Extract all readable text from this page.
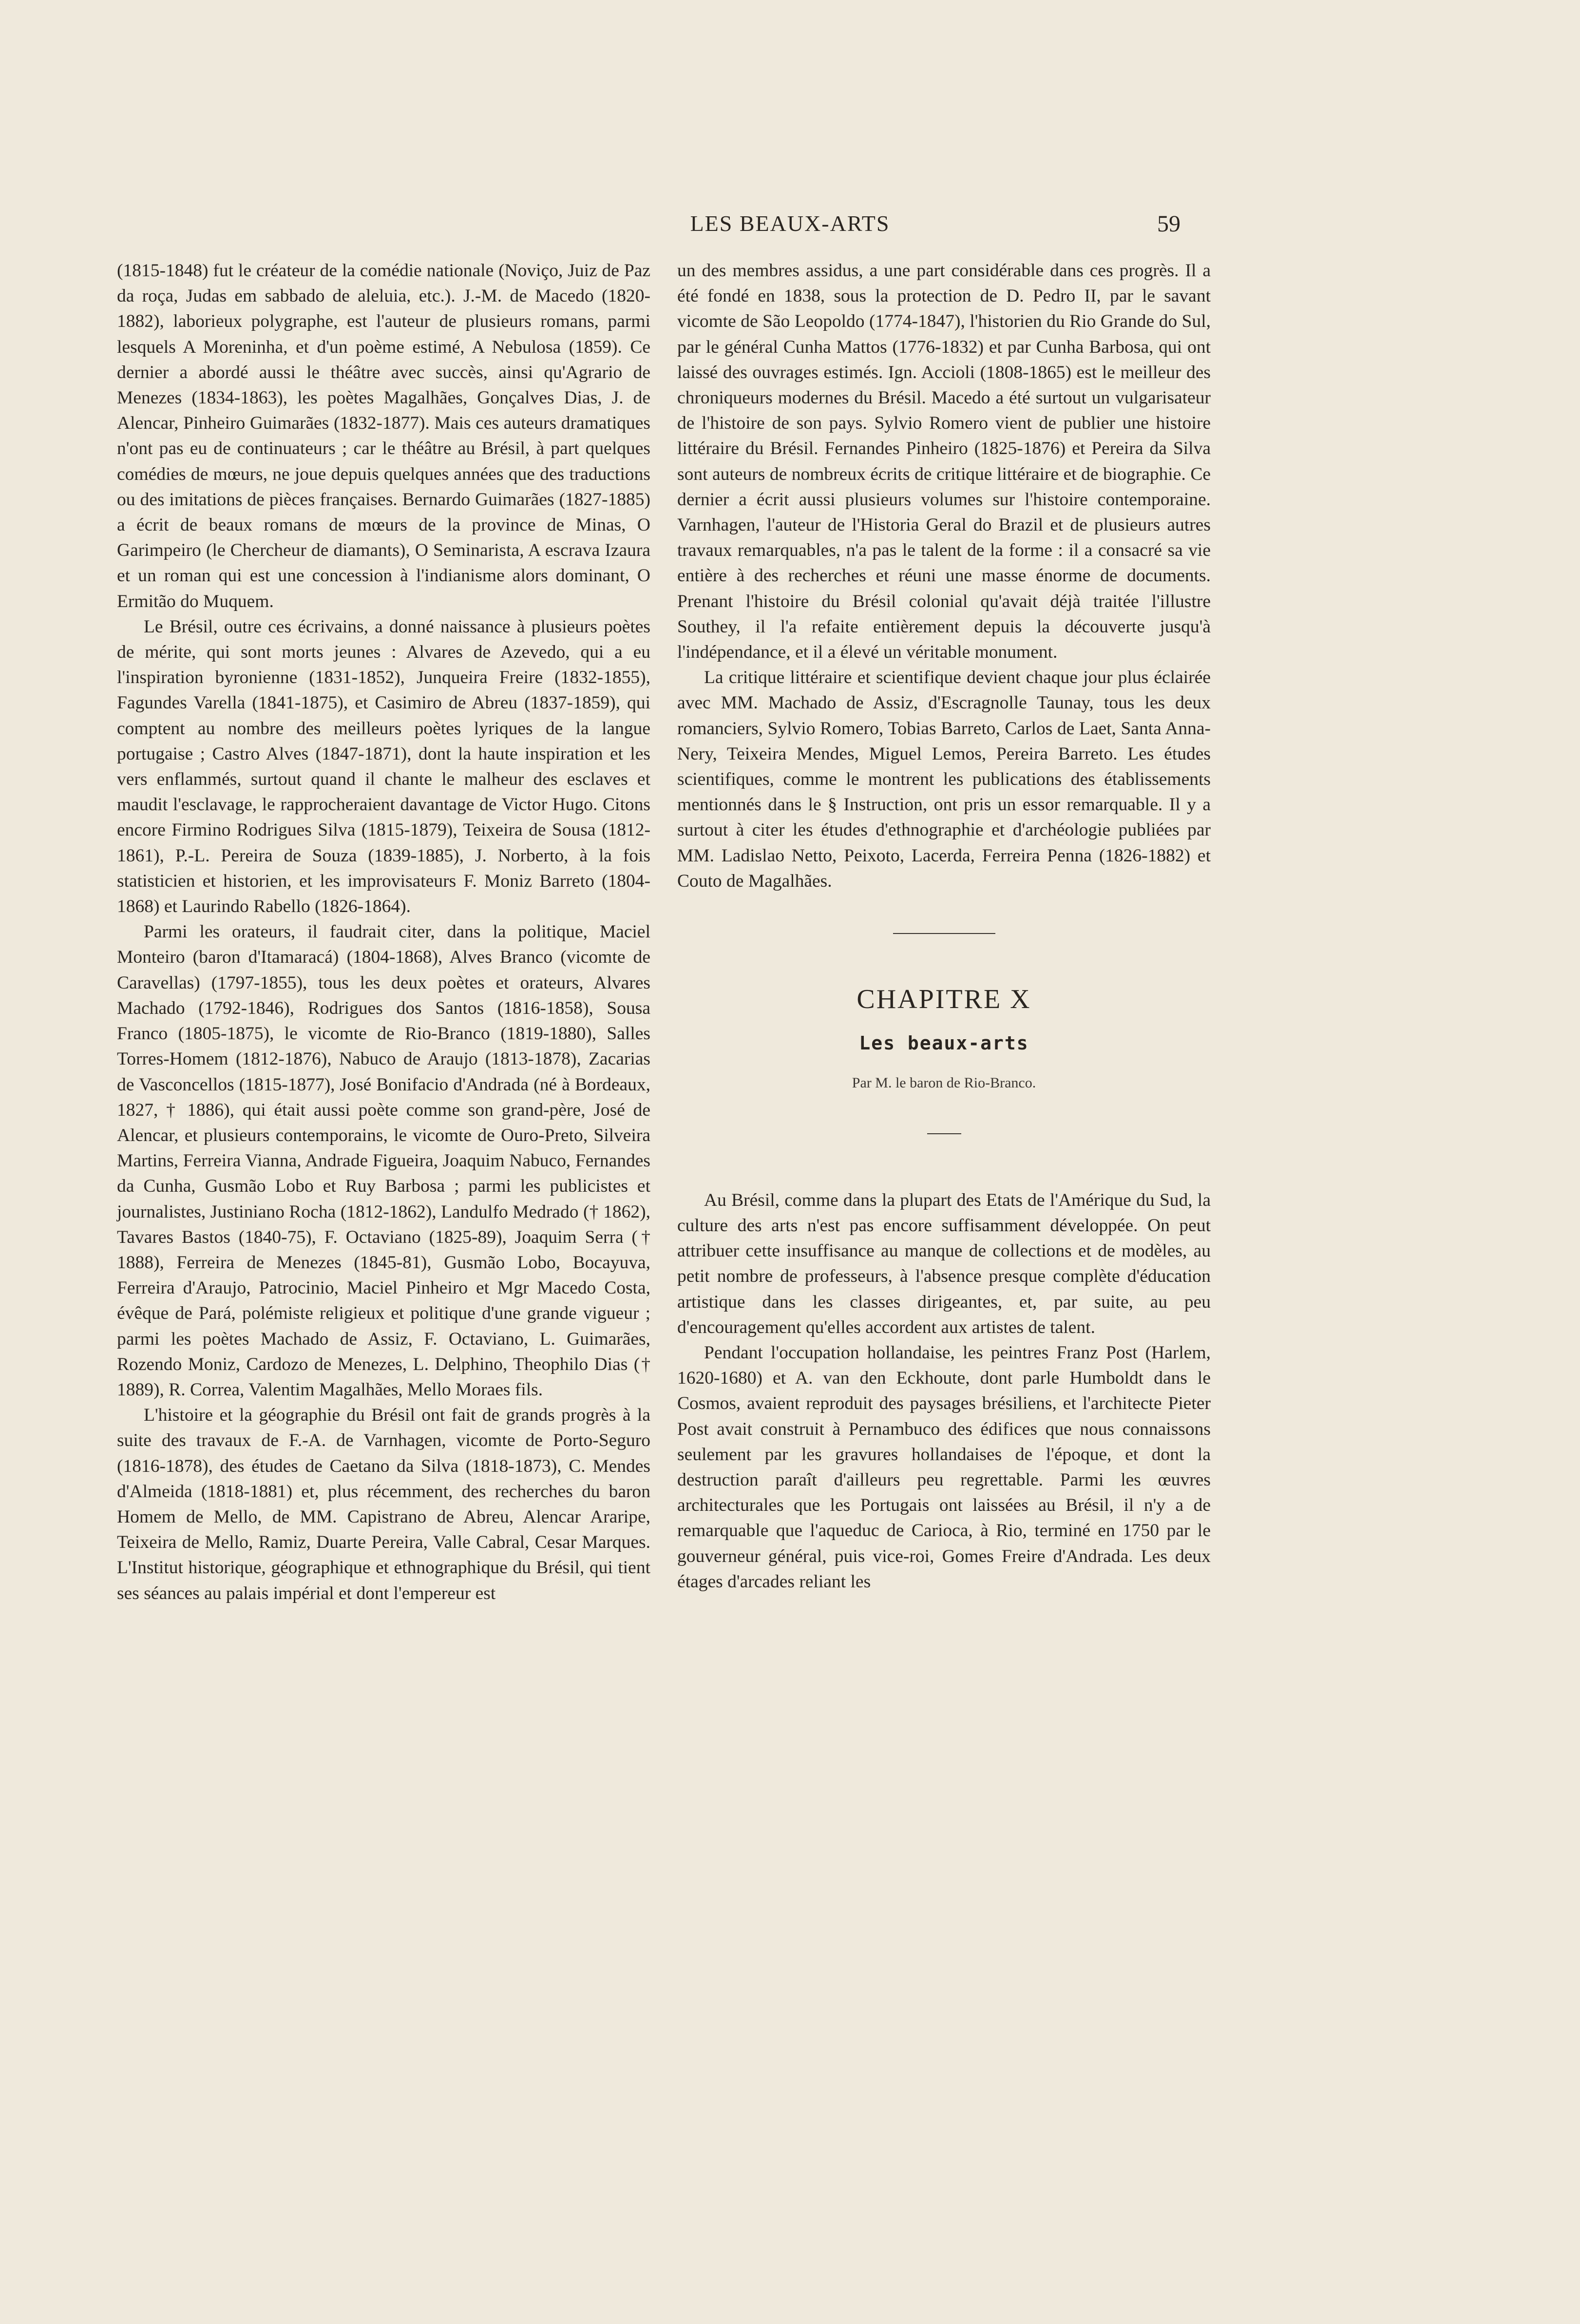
LES BEAUX-ARTS	59

(1815-1848) fut le créateur de la comédie nationale (Noviço, Juiz de Paz da roça, Judas em sabbado de aleluia, etc.). J.-M. de Macedo (1820-1882), laborieux polygraphe, est l'auteur de plusieurs romans, parmi lesquels A Moreninha, et d'un poème estimé, A Nebulosa (1859). Ce dernier a abordé aussi le théâtre avec succès, ainsi qu'Agrario de Menezes (1834-1863), les poètes Magalhães, Gonçalves Dias, J. de Alencar, Pinheiro Guimarães (1832-1877). Mais ces auteurs dramatiques n'ont pas eu de continuateurs ; car le théâtre au Brésil, à part quelques comédies de mœurs, ne joue depuis quelques années que des traductions ou des imitations de pièces françaises. Bernardo Guimarães (1827-1885) a écrit de beaux romans de mœurs de la province de Minas, O Garimpeiro (le Chercheur de diamants), O Seminarista, A escrava Izaura et un roman qui est une concession à l'indianisme alors dominant, O Ermitão do Muquem.

Le Brésil, outre ces écrivains, a donné naissance à plusieurs poètes de mérite, qui sont morts jeunes : Alvares de Azevedo, qui a eu l'inspiration byronienne (1831-1852), Junqueira Freire (1832-1855), Fagundes Varella (1841-1875), et Casimiro de Abreu (1837-1859), qui comptent au nombre des meilleurs poètes lyriques de la langue portugaise ; Castro Alves (1847-1871), dont la haute inspiration et les vers enflammés, surtout quand il chante le malheur des esclaves et maudit l'esclavage, le rapprocheraient davantage de Victor Hugo. Citons encore Firmino Rodrigues Silva (1815-1879), Teixeira de Sousa (1812-1861), P.-L. Pereira de Souza (1839-1885), J. Norberto, à la fois statisticien et historien, et les improvisateurs F. Moniz Barreto (1804-1868) et Laurindo Rabello (1826-1864).

Parmi les orateurs, il faudrait citer, dans la politique, Maciel Monteiro (baron d'Itamaracá) (1804-1868), Alves Branco (vicomte de Caravellas) (1797-1855), tous les deux poètes et orateurs, Alvares Machado (1792-1846), Rodrigues dos Santos (1816-1858), Sousa Franco (1805-1875), le vicomte de Rio-Branco (1819-1880), Salles Torres-Homem (1812-1876), Nabuco de Araujo (1813-1878), Zacarias de Vasconcellos (1815-1877), José Bonifacio d'Andrada (né à Bordeaux, 1827, † 1886), qui était aussi poète comme son grand-père, José de Alencar, et plusieurs contemporains, le vicomte de Ouro-Preto, Silveira Martins, Ferreira Vianna, Andrade Figueira, Joaquim Nabuco, Fernandes da Cunha, Gusmão Lobo et Ruy Barbosa ; parmi les publicistes et journalistes, Justiniano Rocha (1812-1862), Landulfo Medrado († 1862), Tavares Bastos (1840-75), F. Octaviano (1825-89), Joaquim Serra († 1888), Ferreira de Menezes (1845-81), Gusmão Lobo, Bocayuva, Ferreira d'Araujo, Patrocinio, Maciel Pinheiro et Mgr Macedo Costa, évêque de Pará, polémiste religieux et politique d'une grande vigueur ; parmi les poètes Machado de Assiz, F. Octaviano, L. Guimarães, Rozendo Moniz, Cardozo de Menezes, L. Delphino, Theophilo Dias († 1889), R. Correa, Valentim Magalhães, Mello Moraes fils.

L'histoire et la géographie du Brésil ont fait de grands progrès à la suite des travaux de F.-A. de Varnhagen, vicomte de Porto-Seguro (1816-1878), des études de Caetano da Silva (1818-1873), C. Mendes d'Almeida (1818-1881) et, plus récemment, des recherches du baron Homem de Mello, de MM. Capistrano de Abreu, Alencar Araripe, Teixeira de Mello, Ramiz, Duarte Pereira, Valle Cabral, Cesar Marques. L'Institut historique, géographique et ethnographique du Brésil, qui tient ses séances au palais impérial et dont l'empereur est

un des membres assidus, a une part considérable dans ces progrès. Il a été fondé en 1838, sous la protection de D. Pedro II, par le savant vicomte de São Leopoldo (1774-1847), l'historien du Rio Grande do Sul, par le général Cunha Mattos (1776-1832) et par Cunha Barbosa, qui ont laissé des ouvrages estimés. Ign. Accioli (1808-1865) est le meilleur des chroniqueurs modernes du Brésil. Macedo a été surtout un vulgarisateur de l'histoire de son pays. Sylvio Romero vient de publier une histoire littéraire du Brésil. Fernandes Pinheiro (1825-1876) et Pereira da Silva sont auteurs de nombreux écrits de critique littéraire et de biographie. Ce dernier a écrit aussi plusieurs volumes sur l'histoire contemporaine. Varnhagen, l'auteur de l'Historia Geral do Brazil et de plusieurs autres travaux remarquables, n'a pas le talent de la forme : il a consacré sa vie entière à des recherches et réuni une masse énorme de documents. Prenant l'histoire du Brésil colonial qu'avait déjà traitée l'illustre Southey, il l'a refaite entièrement depuis la découverte jusqu'à l'indépendance, et il a élevé un véritable monument.

La critique littéraire et scientifique devient chaque jour plus éclairée avec MM. Machado de Assiz, d'Escragnolle Taunay, tous les deux romanciers, Sylvio Romero, Tobias Barreto, Carlos de Laet, Santa Anna-Nery, Teixeira Mendes, Miguel Lemos, Pereira Barreto. Les études scientifiques, comme le montrent les publications des établissements mentionnés dans le § Instruction, ont pris un essor remarquable. Il y a surtout à citer les études d'ethnographie et d'archéologie publiées par MM. Ladislao Netto, Peixoto, Lacerda, Ferreira Penna (1826-1882) et Couto de Magalhães.

CHAPITRE X
Les beaux-arts
Par M. le baron de Rio-Branco.

Au Brésil, comme dans la plupart des Etats de l'Amérique du Sud, la culture des arts n'est pas encore suffisamment développée. On peut attribuer cette insuffisance au manque de collections et de modèles, au petit nombre de professeurs, à l'absence presque complète d'éducation artistique dans les classes dirigeantes, et, par suite, au peu d'encouragement qu'elles accordent aux artistes de talent.

Pendant l'occupation hollandaise, les peintres Franz Post (Harlem, 1620-1680) et A. van den Eckhoute, dont parle Humboldt dans le Cosmos, avaient reproduit des paysages brésiliens, et l'architecte Pieter Post avait construit à Pernambuco des édifices que nous connaissons seulement par les gravures hollandaises de l'époque, et dont la destruction paraît d'ailleurs peu regrettable. Parmi les œuvres architecturales que les Portugais ont laissées au Brésil, il n'y a de remarquable que l'aqueduc de Carioca, à Rio, terminé en 1750 par le gouverneur général, puis vice-roi, Gomes Freire d'Andrada. Les deux étages d'arcades reliant les
